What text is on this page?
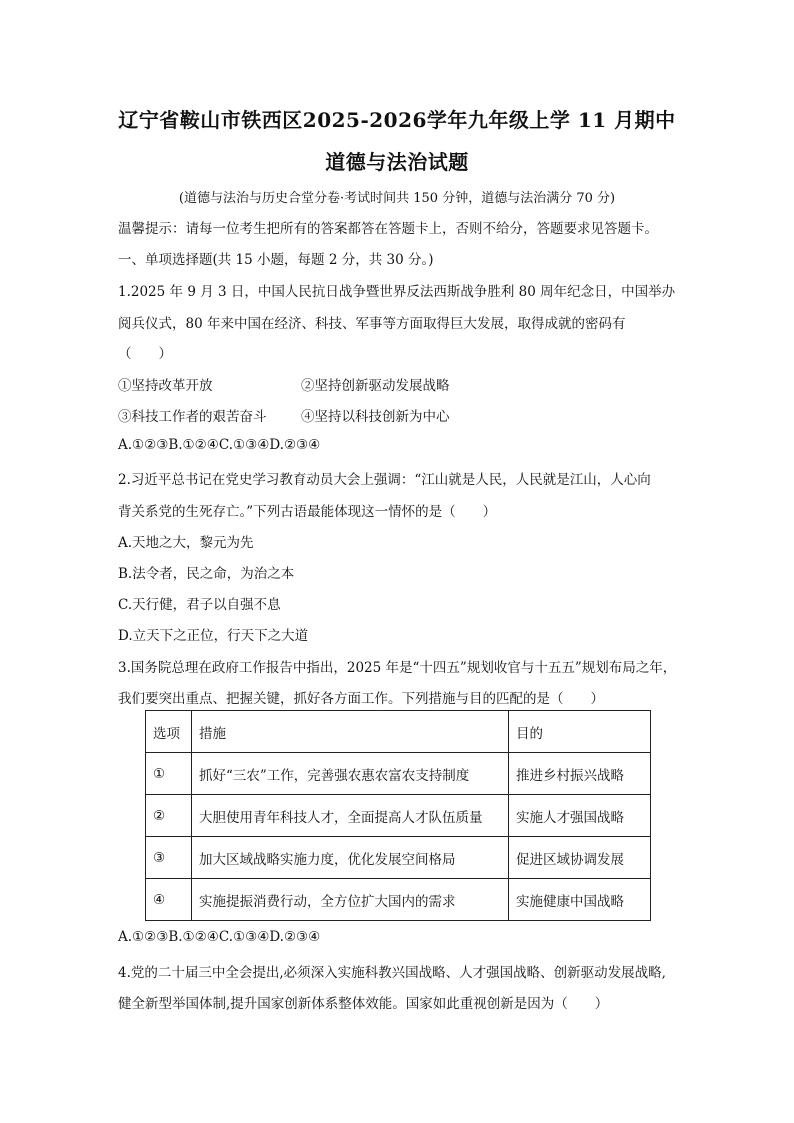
辽宁省鞍山市铁西区2025-2026学年九年级上学 11 月期中
道德与法治试题
(道德与法治与历史合堂分卷·考试时间共 150 分钟，道德与法治满分 70 分)
温馨提示：请每一位考生把所有的答案都答在答题卡上，否则不给分，答题要求见答题卡。
一、单项选择题(共 15 小题，每题 2 分，共 30 分。)
1.2025 年 9 月 3 日，中国人民抗日战争暨世界反法西斯战争胜利 80 周年纪念日，中国举办
阅兵仪式，80 年来中国在经济、科技、军事等方面取得巨大发展，取得成就的密码有
（　　）
①坚持改革开放	②坚持创新驱动发展战略
③科技工作者的艰苦奋斗	④坚持以科技创新为中心
A.①②③B.①②④C.①③④D.②③④
2.习近平总书记在党史学习教育动员大会上强调：“江山就是人民，人民就是江山，人心向
背关系党的生死存亡。”下列古语最能体现这一情怀的是（　　）
A.天地之大，黎元为先
B.法令者，民之命，为治之本
C.天行健，君子以自强不息
D.立天下之正位，行天下之大道
3.国务院总理在政府工作报告中指出，2025 年是“十四五”规划收官与十五五”规划布局之年，
我们要突出重点、把握关键，抓好各方面工作。下列措施与目的匹配的是（　　）
选项	措施	目的
①	抓好“三农”工作，完善强农惠农富农支持制度	推进乡村振兴战略
②	大胆使用青年科技人才，全面提高人才队伍质量	实施人才强国战略
③	加大区域战略实施力度，优化发展空间格局	促进区域协调发展
④	实施提振消费行动，全方位扩大国内的需求	实施健康中国战略
A.①②③B.①②④C.①③④D.②③④
4.党的二十届三中全会提出,必须深入实施科教兴国战略、人才强国战略、创新驱动发展战略,
健全新型举国体制,提升国家创新体系整体效能。国家如此重视创新是因为（　　）
